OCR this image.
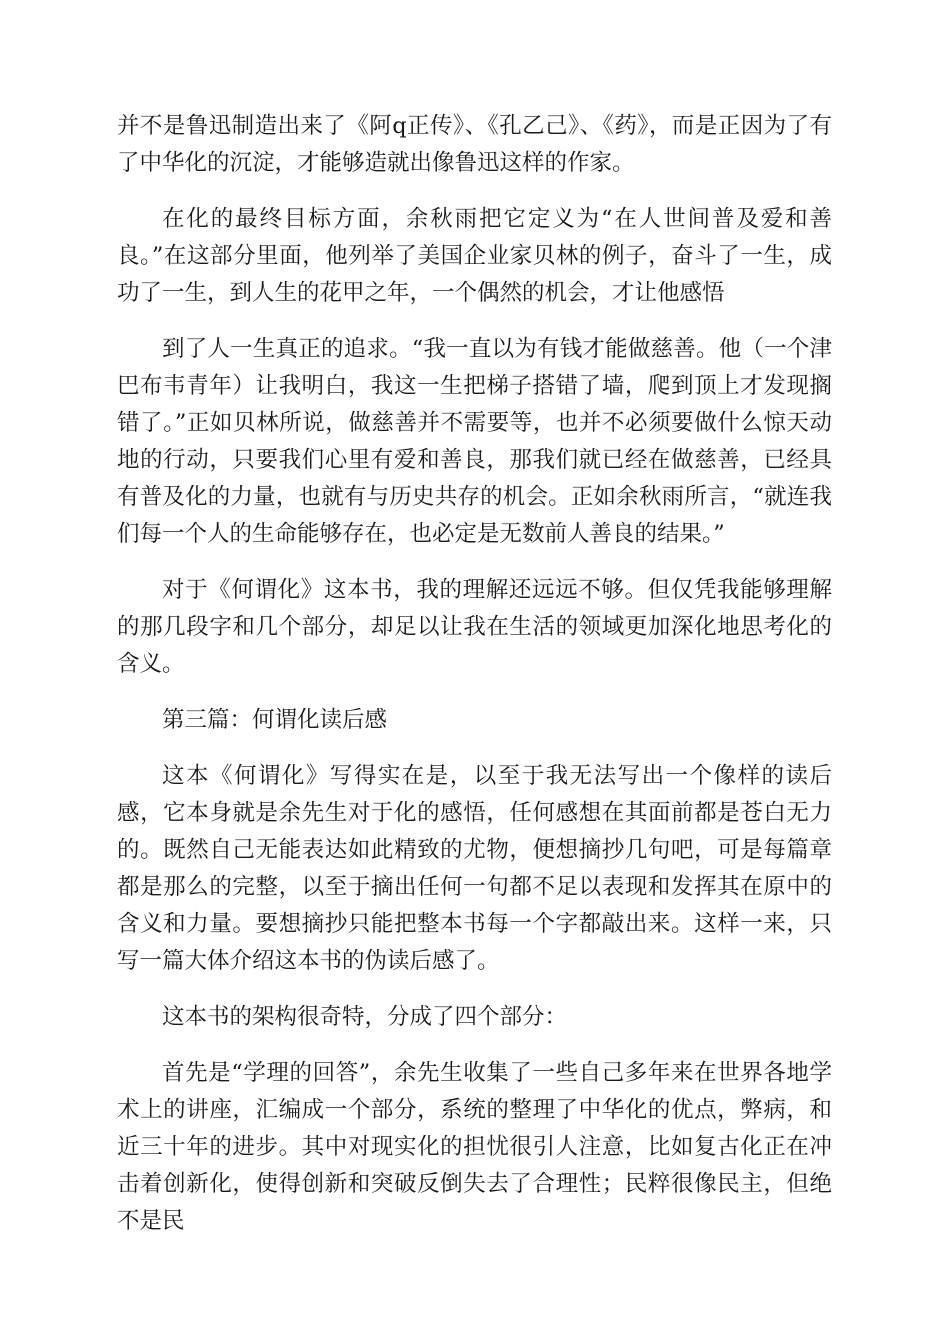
并不是鲁迅制造出来了《阿q正传》、《孔乙己》、《药》，而是正因为了有了中华化的沉淀，才能够造就出像鲁迅这样的作家。

在化的最终目标方面，余秋雨把它定义为“在人世间普及爱和善良。”在这部分里面，他列举了美国企业家贝林的例子，奋斗了一生，成功了一生，到人生的花甲之年，一个偶然的机会，才让他感悟

到了人一生真正的追求。“我一直以为有钱才能做慈善。他（一个津巴布韦青年）让我明白，我这一生把梯子搭错了墙，爬到顶上才发现搁错了。”正如贝林所说，做慈善并不需要等，也并不必须要做什么惊天动地的行动，只要我们心里有爱和善良，那我们就已经在做慈善，已经具有普及化的力量，也就有与历史共存的机会。正如余秋雨所言，“就连我们每一个人的生命能够存在，也必定是无数前人善良的结果。”

对于《何谓化》这本书，我的理解还远远不够。但仅凭我能够理解的那几段字和几个部分，却足以让我在生活的领域更加深化地思考化的含义。

第三篇：何谓化读后感

这本《何谓化》写得实在是，以至于我无法写出一个像样的读后感，它本身就是余先生对于化的感悟，任何感想在其面前都是苍白无力的。既然自己无能表达如此精致的尤物，便想摘抄几句吧，可是每篇章都是那么的完整，以至于摘出任何一句都不足以表现和发挥其在原中的含义和力量。要想摘抄只能把整本书每一个字都敲出来。这样一来，只写一篇大体介绍这本书的伪读后感了。

这本书的架构很奇特，分成了四个部分：

首先是“学理的回答”，余先生收集了一些自己多年来在世界各地学术上的讲座，汇编成一个部分，系统的整理了中华化的优点，弊病，和近三十年的进步。其中对现实化的担忧很引人注意，比如复古化正在冲击着创新化，使得创新和突破反倒失去了合理性；民粹很像民主，但绝不是民
